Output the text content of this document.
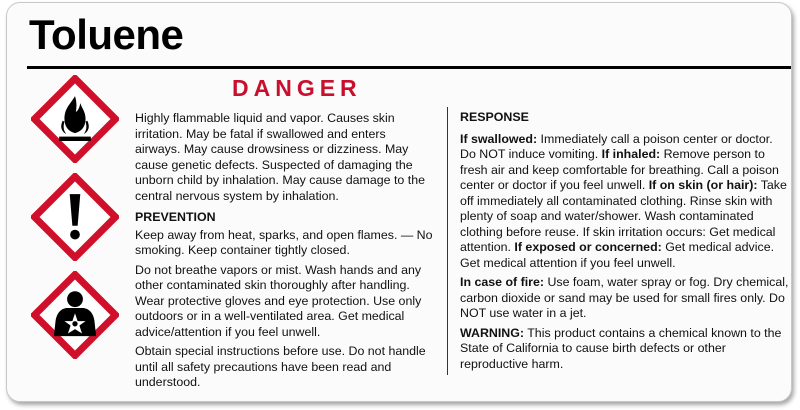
Toluene
DANGER

Highly flammable liquid and vapor. Causes skin irritation. May be fatal if swallowed and enters airways. May cause drowsiness or dizziness. May cause genetic defects. Suspected of damaging the unborn child by inhalation. May cause damage to the central nervous system by inhalation.

PREVENTION

Keep away from heat, sparks, and open flames. — No smoking. Keep container tightly closed.

Do not breathe vapors or mist. Wash hands and any other contaminated skin thoroughly after handling. Wear protective gloves and eye protection. Use only outdoors or in a well-ventilated area. Get medical advice/attention if you feel unwell.

Obtain special instructions before use. Do not handle until all safety precautions have been read and understood.

RESPONSE

If swallowed: Immediately call a poison center or doctor. Do NOT induce vomiting. If inhaled: Remove person to fresh air and keep comfortable for breathing. Call a poison center or doctor if you feel unwell. If on skin (or hair): Take off immediately all contaminated clothing. Rinse skin with plenty of soap and water/shower. Wash contaminated clothing before reuse. If skin irritation occurs: Get medical attention. If exposed or concerned: Get medical advice. Get medical attention if you feel unwell.

In case of fire: Use foam, water spray or fog. Dry chemical, carbon dioxide or sand may be used for small fires only. Do NOT use water in a jet.

WARNING: This product contains a chemical known to the State of California to cause birth defects or other reproductive harm.
